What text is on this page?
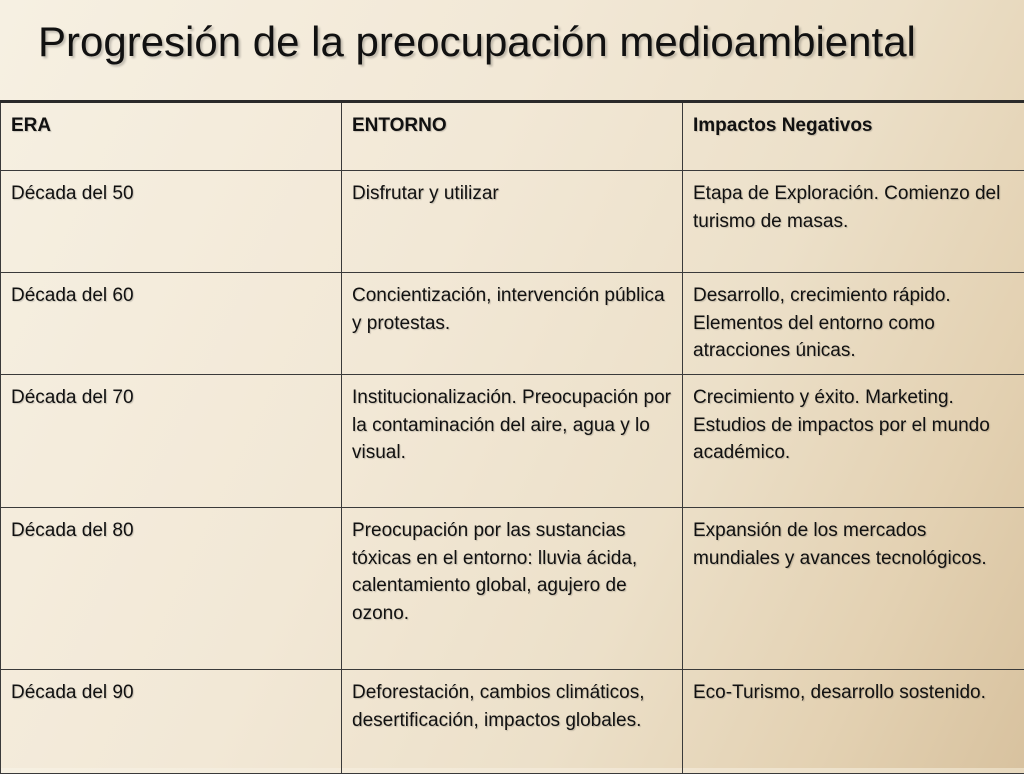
Progresión de la preocupación medioambiental
ERA	ENTORNO	Impactos Negativos
Década del 50	Disfrutar y utilizar	Etapa de Exploración. Comienzo del turismo de masas.
Década del 60	Concientización, intervención pública y protestas.	Desarrollo, crecimiento rápido. Elementos del entorno como atracciones únicas.
Década del 70	Institucionalización. Preocupación por la contaminación del aire, agua y lo visual.	Crecimiento y éxito. Marketing. Estudios de impactos por el mundo académico.
Década del 80	Preocupación por las sustancias tóxicas en el entorno: lluvia ácida, calentamiento global, agujero de ozono.	Expansión de los mercados mundiales y avances tecnológicos.
Década del 90	Deforestación, cambios climáticos, desertificación, impactos globales.	Eco-Turismo, desarrollo sostenido.
